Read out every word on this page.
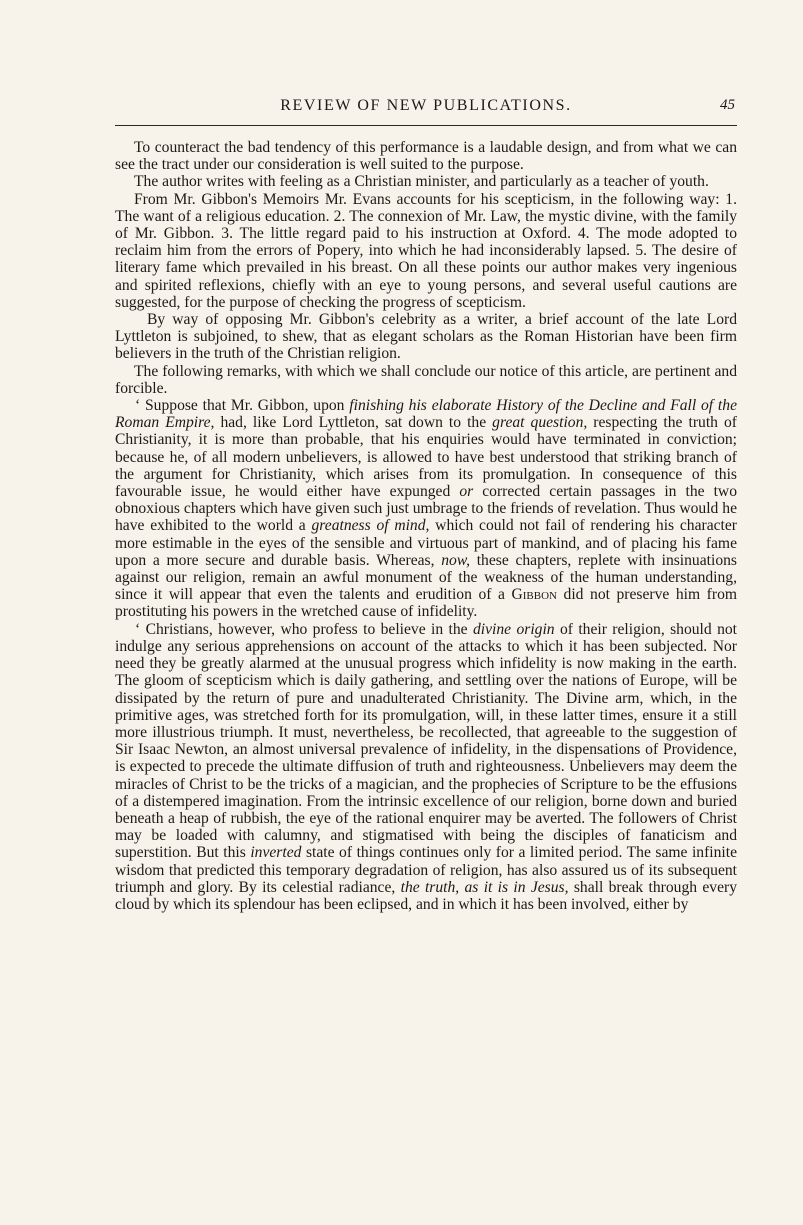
REVIEW OF NEW PUBLICATIONS.	45

To counteract the bad tendency of this performance is a laudable design, and from what we can see the tract under our consideration is well suited to the purpose.

The author writes with feeling as a Christian minister, and particularly as a teacher of youth.

From Mr. Gibbon's Memoirs Mr. Evans accounts for his scepticism, in the following way: 1. The want of a religious education. 2. The connexion of Mr. Law, the mystic divine, with the family of Mr. Gibbon. 3. The little regard paid to his instruction at Oxford. 4. The mode adopted to reclaim him from the errors of Popery, into which he had inconsiderably lapsed. 5. The desire of literary fame which prevailed in his breast. On all these points our author makes very ingenious and spirited reflexions, chiefly with an eye to young persons, and several useful cautions are suggested, for the purpose of checking the progress of scepticism.

By way of opposing Mr. Gibbon's celebrity as a writer, a brief account of the late Lord Lyttleton is subjoined, to shew, that as elegant scholars as the Roman Historian have been firm believers in the truth of the Christian religion.

The following remarks, with which we shall conclude our notice of this article, are pertinent and forcible.

‘ Suppose that Mr. Gibbon, upon finishing his elaborate History of the Decline and Fall of the Roman Empire, had, like Lord Lyttleton, sat down to the great question, respecting the truth of Christianity, it is more than probable, that his enquiries would have terminated in conviction; because he, of all modern unbelievers, is allowed to have best understood that striking branch of the argument for Christianity, which arises from its promulgation. In consequence of this favourable issue, he would either have expunged or corrected certain passages in the two obnoxious chapters which have given such just umbrage to the friends of revelation. Thus would he have exhibited to the world a greatness of mind, which could not fail of rendering his character more estimable in the eyes of the sensible and virtuous part of mankind, and of placing his fame upon a more secure and durable basis. Whereas, now, these chapters, replete with insinuations against our religion, remain an awful monument of the weakness of the human understanding, since it will appear that even the talents and erudition of a Gibbon did not preserve him from prostituting his powers in the wretched cause of infidelity.

‘ Christians, however, who profess to believe in the divine origin of their religion, should not indulge any serious apprehensions on account of the attacks to which it has been subjected. Nor need they be greatly alarmed at the unusual progress which infidelity is now making in the earth. The gloom of scepticism which is daily gathering, and settling over the nations of Europe, will be dissipated by the return of pure and unadulterated Christianity. The Divine arm, which, in the primitive ages, was stretched forth for its promulgation, will, in these latter times, ensure it a still more illustrious triumph. It must, nevertheless, be recollected, that agreeable to the suggestion of Sir Isaac Newton, an almost universal prevalence of infidelity, in the dispensations of Providence, is expected to precede the ultimate diffusion of truth and righteousness. Unbelievers may deem the miracles of Christ to be the tricks of a magician, and the prophecies of Scripture to be the effusions of a distempered imagination. From the intrinsic excellence of our religion, borne down and buried beneath a heap of rubbish, the eye of the rational enquirer may be averted. The followers of Christ may be loaded with calumny, and stigmatised with being the disciples of fanaticism and superstition. But this inverted state of things continues only for a limited period. The same infinite wisdom that predicted this temporary degradation of religion, has also assured us of its subsequent triumph and glory. By its celestial radiance, the truth, as it is in Jesus, shall break through every cloud by which its splendour has been eclipsed, and in which it has been involved, either by
